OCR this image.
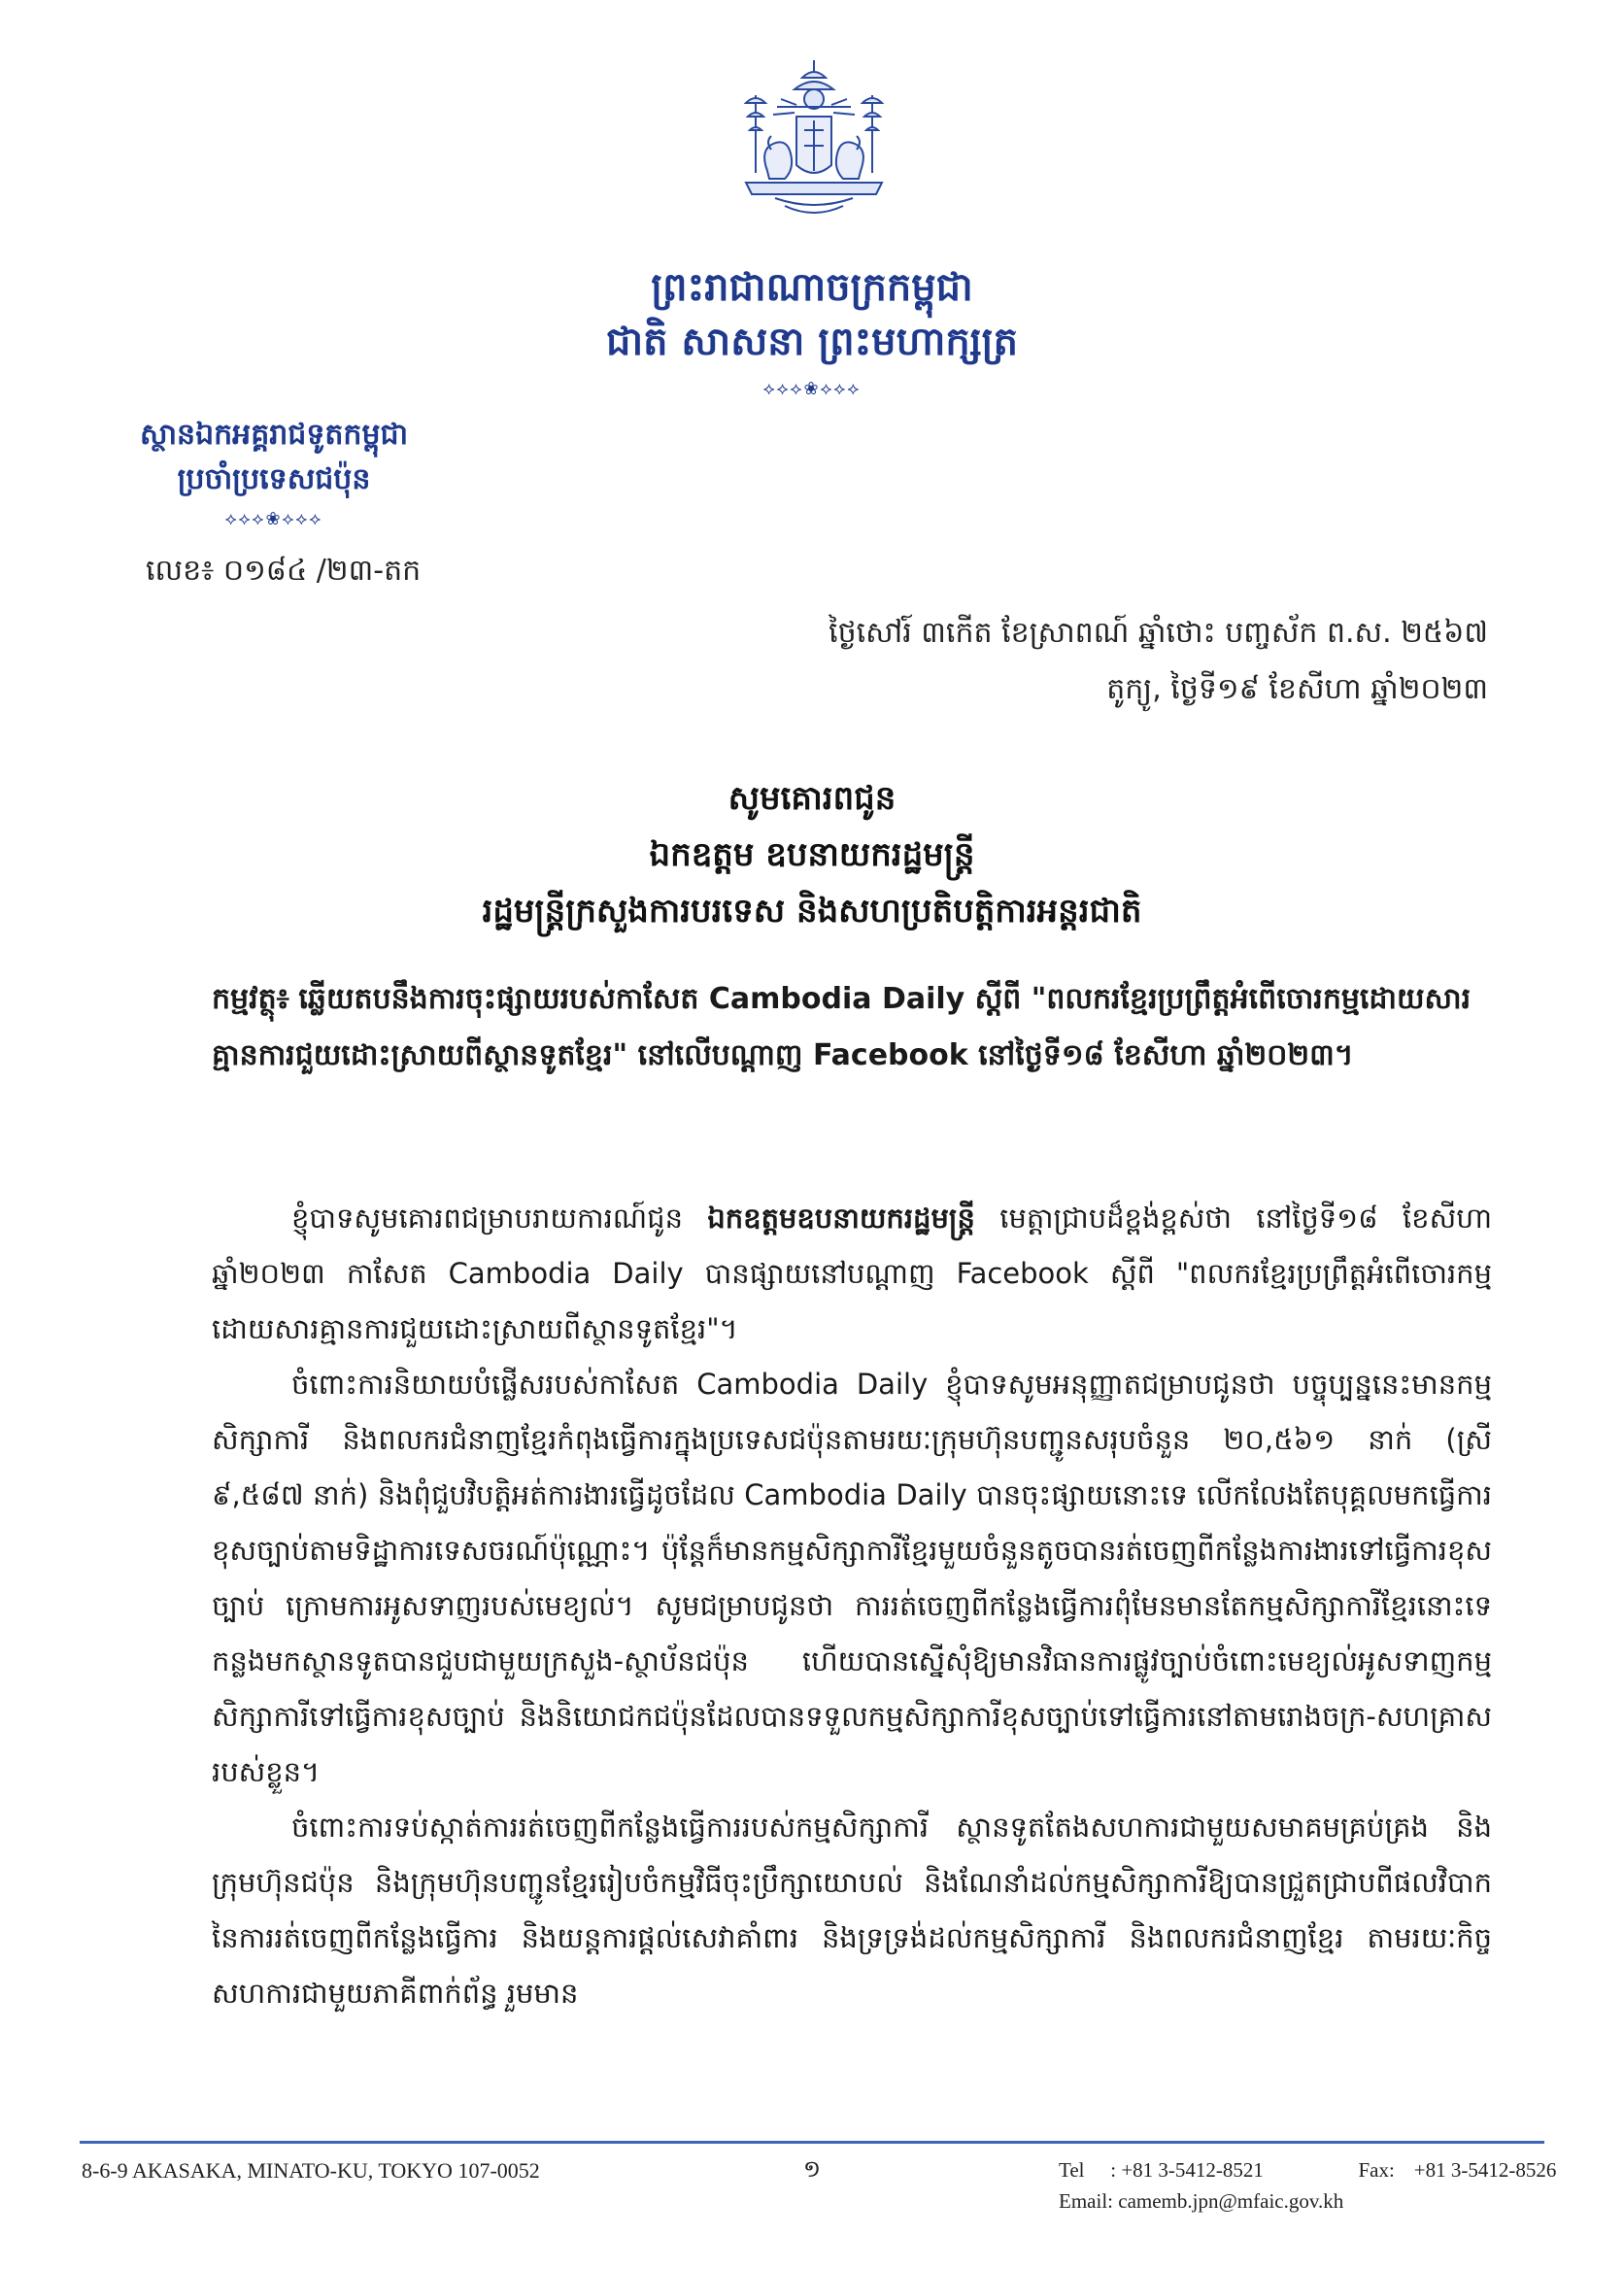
ព្រះរាជាណាចក្រកម្ពុជា
ជាតិ សាសនា ព្រះមហាក្សត្រ
⟡⟡⟡❀⟡⟡⟡
ស្ថានឯកអគ្គរាជទូតកម្ពុជា
ប្រចាំប្រទេសជប៉ុន
⟡⟡⟡❀⟡⟡⟡
លេខ៖ ០១៨៤ /២៣-តក
ថ្ងៃសៅរ៍ ៣កើត ខែស្រាពណ៍ ឆ្នាំថោះ បញ្ចស័ក ព.ស. ២៥៦៧
តូក្យូ, ថ្ងៃទី១៩ ខែសីហា ឆ្នាំ២០២៣
សូមគោរពជូន
ឯកឧត្តម ឧបនាយករដ្ឋមន្ត្រី
រដ្ឋមន្ត្រីក្រសួងការបរទេស និងសហប្រតិបត្តិការអន្តរជាតិ
កម្មវត្ថុ៖ ឆ្លើយតបនឹងការចុះផ្សាយរបស់កាសែត Cambodia Daily ស្តីពី "ពលករខ្មែរប្រព្រឹត្តអំពើចោរកម្មដោយសារគ្មានការជួយដោះស្រាយពីស្ថានទូតខ្មែរ" នៅលើបណ្តាញ Facebook នៅថ្ងៃទី១៨ ខែសីហា ឆ្នាំ២០២៣។

ខ្ញុំបាទសូមគោរពជម្រាបរាយការណ៍ជូន ឯកឧត្តមឧបនាយករដ្ឋមន្ត្រី មេត្តាជ្រាបដ៏ខ្ពង់ខ្ពស់ថា នៅថ្ងៃទី១៨ ខែសីហា ឆ្នាំ២០២៣ កាសែត Cambodia Daily បានផ្សាយនៅបណ្តាញ Facebook ស្តីពី "ពលករខ្មែរប្រព្រឹត្តអំពើចោរកម្មដោយសារគ្មានការជួយដោះស្រាយពីស្ថានទូតខ្មែរ"។

ចំពោះការនិយាយបំផ្លើសរបស់កាសែត Cambodia Daily ខ្ញុំបាទសូមអនុញ្ញាតជម្រាបជូនថា បច្ចុប្បន្ននេះមានកម្មសិក្សាការី និងពលករជំនាញខ្មែរកំពុងធ្វើការក្នុងប្រទេសជប៉ុនតាមរយៈក្រុមហ៊ុនបញ្ជូនសរុបចំនួន ២០,៥៦១ នាក់ (ស្រី ៩,៥៨៧ នាក់) និងពុំជួបវិបត្តិអត់ការងារធ្វើដូចដែល Cambodia Daily បានចុះផ្សាយនោះទេ លើកលែងតែបុគ្គលមកធ្វើការខុសច្បាប់តាមទិដ្ឋាការទេសចរណ៍ប៉ុណ្ណោះ។ ប៉ុន្តែក៏មានកម្មសិក្សាការីខ្មែរមួយចំនួនតូចបានរត់ចេញពីកន្លែងការងារទៅធ្វើការខុសច្បាប់ ក្រោមការអូសទាញរបស់មេខ្យល់។ សូមជម្រាបជូនថា ការរត់ចេញពីកន្លែងធ្វើការពុំមែនមានតែកម្មសិក្សាការីខ្មែរនោះទេ កន្លងមកស្ថានទូតបានជួបជាមួយក្រសួង-ស្ថាប័នជប៉ុន ហើយបានស្នើសុំឱ្យមានវិធានការផ្លូវច្បាប់ចំពោះមេខ្យល់អូសទាញកម្មសិក្សាការីទៅធ្វើការខុសច្បាប់ និងនិយោជកជប៉ុនដែលបានទទួលកម្មសិក្សាការីខុសច្បាប់ទៅធ្វើការនៅតាមរោងចក្រ-សហគ្រាសរបស់ខ្លួន។

ចំពោះការទប់ស្កាត់ការរត់ចេញពីកន្លែងធ្វើការរបស់កម្មសិក្សាការី ស្ថានទូតតែងសហការជាមួយសមាគមគ្រប់គ្រង និងក្រុមហ៊ុនជប៉ុន និងក្រុមហ៊ុនបញ្ជូនខ្មែររៀបចំកម្មវិធីចុះប្រឹក្សាយោបល់ និងណែនាំដល់កម្មសិក្សាការីឱ្យបានជ្រួតជ្រាបពីផលវិបាកនៃការរត់ចេញពីកន្លែងធ្វើការ និងយន្តការផ្តល់សេវាគាំពារ និងទ្រទ្រង់ដល់កម្មសិក្សាការី និងពលករជំនាញខ្មែរ តាមរយៈកិច្ចសហការជាមួយភាគីពាក់ព័ន្ធ រួមមាន

8-6-9 AKASAKA, MINATO-KU, TOKYO 107-0052	១	Tel : +81 3-5412-8521	Fax: +81 3-5412-8526
Email: camemb.jpn@mfaic.gov.kh
